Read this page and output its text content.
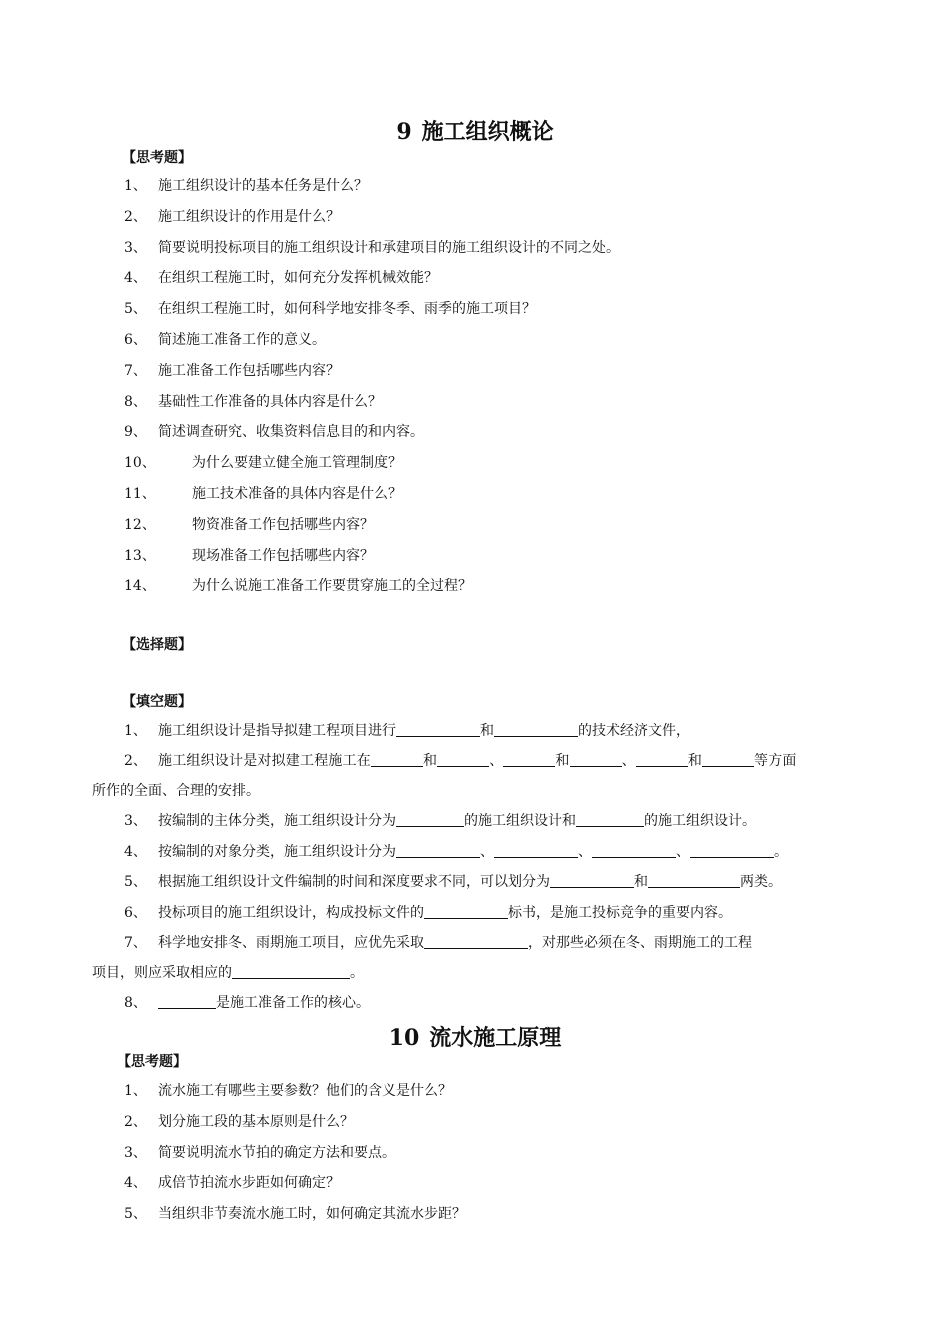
9 施工组织概论
【思考题】
1、 施工组织设计的基本任务是什么？
2、 施工组织设计的作用是什么？
3、 简要说明投标项目的施工组织设计和承建项目的施工组织设计的不同之处。
4、 在组织工程施工时，如何充分发挥机械效能？
5、 在组织工程施工时，如何科学地安排冬季、雨季的施工项目？
6、 简述施工准备工作的意义。
7、 施工准备工作包括哪些内容？
8、 基础性工作准备的具体内容是什么？
9、 简述调查研究、收集资料信息目的和内容。
10、	为什么要建立健全施工管理制度？
11、	施工技术准备的具体内容是什么？
12、	物资准备工作包括哪些内容？
13、	现场准备工作包括哪些内容？
14、	为什么说施工准备工作要贯穿施工的全过程？
【选择题】
【填空题】
1、 施工组织设计是指导拟建工程项目进行	和	的技术经济文件，
2、 施工组织设计是对拟建工程施工在	和	、	和	、	和	等方面
所作的全面、合理的安排。
3、 按编制的主体分类，施工组织设计分为	的施工组织设计和	的施工组织设计。
4、 按编制的对象分类，施工组织设计分为	、	、	、	。
5、 根据施工组织设计文件编制的时间和深度要求不同，可以划分为	和	两类。
6、 投标项目的施工组织设计，构成投标文件的	标书，是施工投标竞争的重要内容。
7、 科学地安排冬、雨期施工项目，应优先采取	，对那些必须在冬、雨期施工的工程
项目，则应采取相应的	。
8、	是施工准备工作的核心。
10 流水施工原理
【思考题】
1、 流水施工有哪些主要参数？他们的含义是什么？
2、 划分施工段的基本原则是什么？
3、 简要说明流水节拍的确定方法和要点。
4、 成倍节拍流水步距如何确定？
5、 当组织非节奏流水施工时，如何确定其流水步距？
